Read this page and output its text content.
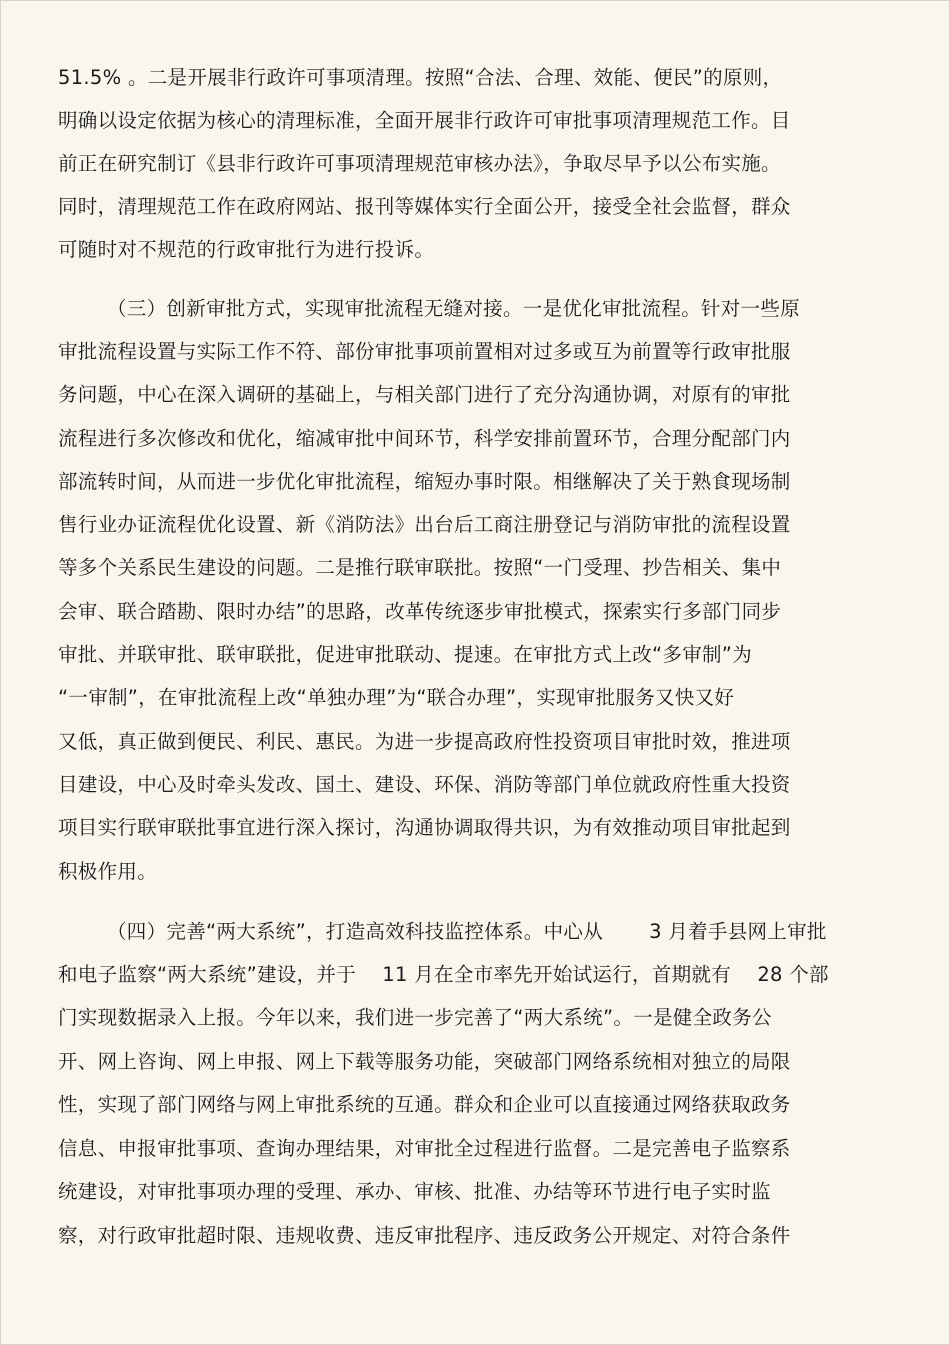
51.5% 。二是开展非行政许可事项清理。按照“合法、合理、效能、便民”的原则，

明确以设定依据为核心的清理标准，全面开展非行政许可审批事项清理规范工作。目

前正在研究制订《县非行政许可事项清理规范审核办法》，争取尽早予以公布实施。

同时，清理规范工作在政府网站、报刊等媒体实行全面公开，接受全社会监督，群众

可随时对不规范的行政审批行为进行投诉。

（三）创新审批方式，实现审批流程无缝对接。一是优化审批流程。针对一些原

审批流程设置与实际工作不符、部份审批事项前置相对过多或互为前置等行政审批服

务问题，中心在深入调研的基础上，与相关部门进行了充分沟通协调，对原有的审批

流程进行多次修改和优化，缩减审批中间环节，科学安排前置环节，合理分配部门内

部流转时间，从而进一步优化审批流程，缩短办事时限。相继解决了关于熟食现场制

售行业办证流程优化设置、新《消防法》出台后工商注册登记与消防审批的流程设置

等多个关系民生建设的问题。二是推行联审联批。按照“一门受理、抄告相关、集中

会审、联合踏勘、限时办结”的思路，改革传统逐步审批模式，探索实行多部门同步

审批、并联审批、联审联批，促进审批联动、提速。在审批方式上改“多审制”为

“一审制”，在审批流程上改“单独办理”为“联合办理”，实现审批服务又快又好

又低，真正做到便民、利民、惠民。为进一步提高政府性投资项目审批时效，推进项

目建设，中心及时牵头发改、国土、建设、环保、消防等部门单位就政府性重大投资

项目实行联审联批事宜进行深入探讨，沟通协调取得共识，为有效推动项目审批起到

积极作用。

（四）完善“两大系统”，打造高效科技监控体系。中心从 　　3 月着手县网上审批

和电子监察“两大系统”建设，并于 　11 月在全市率先开始试运行，首期就有 　28 个部

门实现数据录入上报。今年以来，我们进一步完善了“两大系统”。一是健全政务公

开、网上咨询、网上申报、网上下载等服务功能，突破部门网络系统相对独立的局限

性，实现了部门网络与网上审批系统的互通。群众和企业可以直接通过网络获取政务

信息、申报审批事项、查询办理结果，对审批全过程进行监督。二是完善电子监察系

统建设，对审批事项办理的受理、承办、审核、批准、办结等环节进行电子实时监

察，对行政审批超时限、违规收费、违反审批程序、违反政务公开规定、对符合条件
